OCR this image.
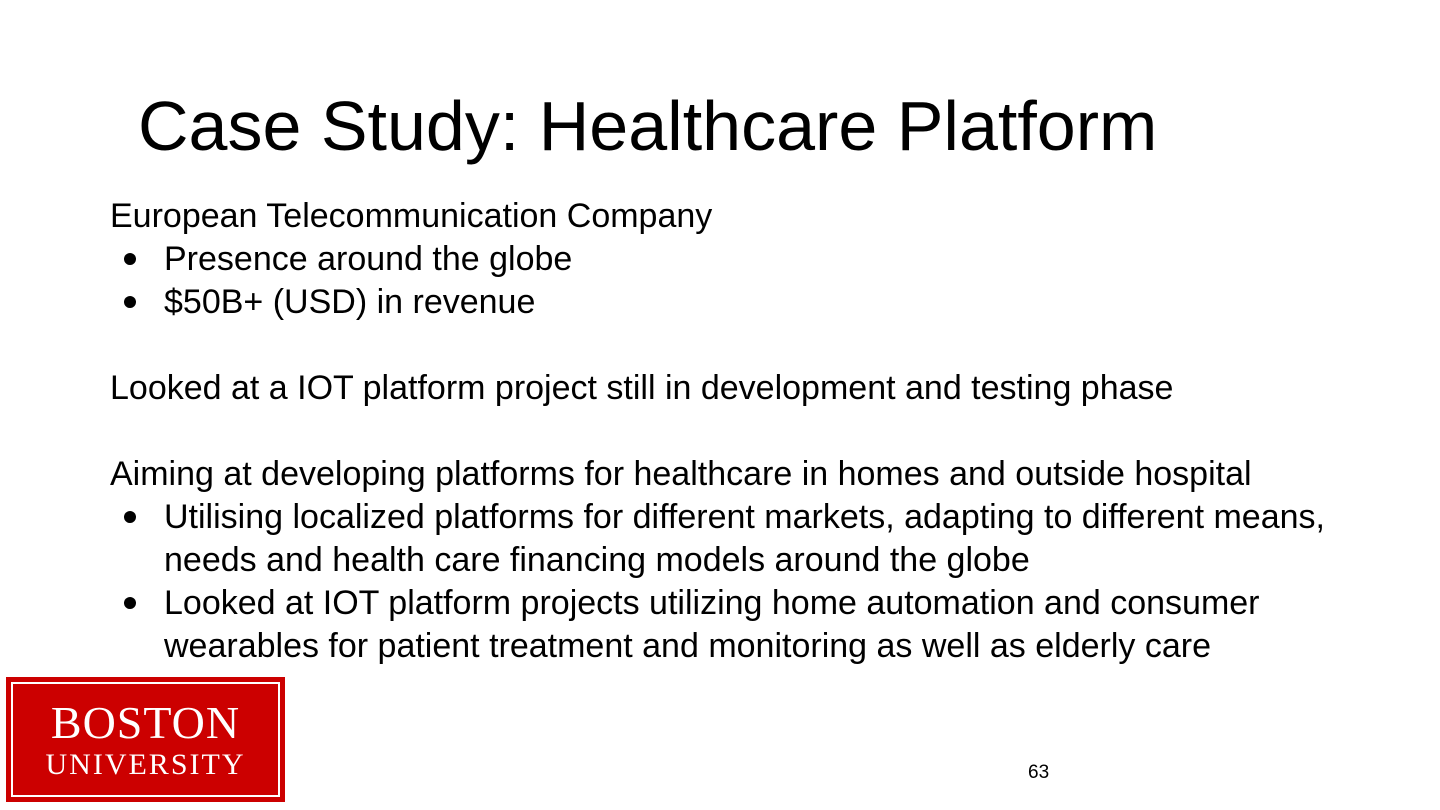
Case Study: Healthcare Platform

European Telecommunication Company

Presence around the globe
$50B+ (USD) in revenue

Looked at a IOT platform project still in development and testing phase

Aiming at developing platforms for healthcare in homes and outside hospital

Utilising localized platforms for different markets, adapting to different means, needs and health care financing models around the globe
Looked at IOT platform projects utilizing home automation and consumer wearables for patient treatment and monitoring as well as elderly care
BOSTON
UNIVERSITY	63
